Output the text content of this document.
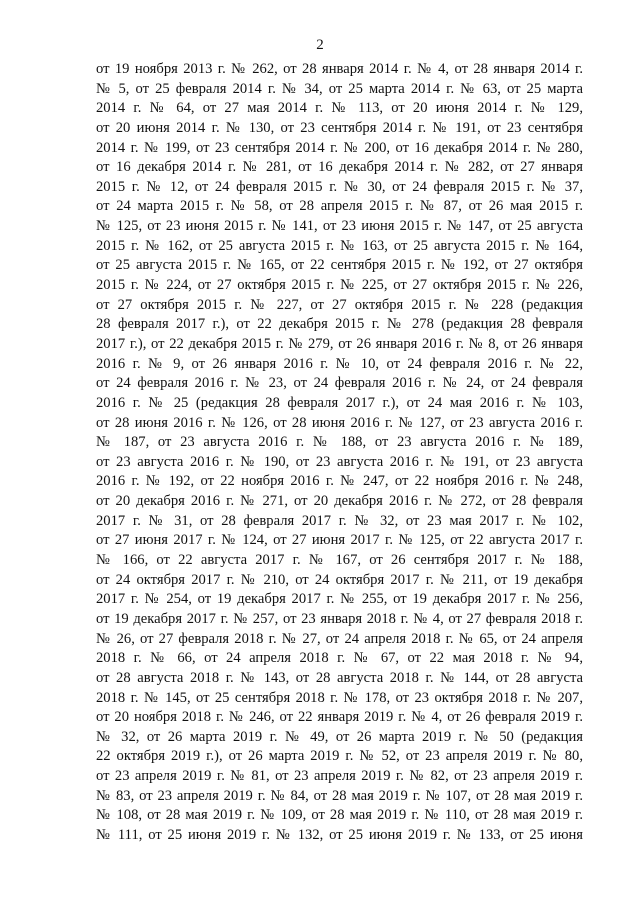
2
от 19 ноября 2013 г. № 262, от 28 января 2014 г. № 4, от 28 января 2014 г.
№ 5, от 25 февраля 2014 г. № 34, от 25 марта 2014 г. № 63, от 25 марта
2014 г. № 64, от 27 мая 2014 г. № 113, от 20 июня 2014 г. № 129,
от 20 июня 2014 г. № 130, от 23 сентября 2014 г. № 191, от 23 сентября
2014 г. № 199, от 23 сентября 2014 г. № 200, от 16 декабря 2014 г. № 280,
от 16 декабря 2014 г. № 281, от 16 декабря 2014 г. № 282, от 27 января
2015 г. № 12, от 24 февраля 2015 г. № 30, от 24 февраля 2015 г. № 37,
от 24 марта 2015 г. № 58, от 28 апреля 2015 г. № 87, от 26 мая 2015 г.
№ 125, от 23 июня 2015 г. № 141, от 23 июня 2015 г. № 147, от 25 августа
2015 г. № 162, от 25 августа 2015 г. № 163, от 25 августа 2015 г. № 164,
от 25 августа 2015 г. № 165, от 22 сентября 2015 г. № 192, от 27 октября
2015 г. № 224, от 27 октября 2015 г. № 225, от 27 октября 2015 г. № 226,
от 27 октября 2015 г. № 227, от 27 октября 2015 г. № 228 (редакция
28 февраля 2017 г.), от 22 декабря 2015 г. № 278 (редакция 28 февраля
2017 г.), от 22 декабря 2015 г. № 279, от 26 января 2016 г. № 8, от 26 января
2016 г. № 9, от 26 января 2016 г. № 10, от 24 февраля 2016 г. № 22,
от 24 февраля 2016 г. № 23, от 24 февраля 2016 г. № 24, от 24 февраля
2016 г. № 25 (редакция 28 февраля 2017 г.), от 24 мая 2016 г. № 103,
от 28 июня 2016 г. № 126, от 28 июня 2016 г. № 127, от 23 августа 2016 г.
№ 187, от 23 августа 2016 г. № 188, от 23 августа 2016 г. № 189,
от 23 августа 2016 г. № 190, от 23 августа 2016 г. № 191, от 23 августа
2016 г. № 192, от 22 ноября 2016 г. № 247, от 22 ноября 2016 г. № 248,
от 20 декабря 2016 г. № 271, от 20 декабря 2016 г. № 272, от 28 февраля
2017 г. № 31, от 28 февраля 2017 г. № 32, от 23 мая 2017 г. № 102,
от 27 июня 2017 г. № 124, от 27 июня 2017 г. № 125, от 22 августа 2017 г.
№ 166, от 22 августа 2017 г. № 167, от 26 сентября 2017 г. № 188,
от 24 октября 2017 г. № 210, от 24 октября 2017 г. № 211, от 19 декабря
2017 г. № 254, от 19 декабря 2017 г. № 255, от 19 декабря 2017 г. № 256,
от 19 декабря 2017 г. № 257, от 23 января 2018 г. № 4, от 27 февраля 2018 г.
№ 26, от 27 февраля 2018 г. № 27, от 24 апреля 2018 г. № 65, от 24 апреля
2018 г. № 66, от 24 апреля 2018 г. № 67, от 22 мая 2018 г. № 94,
от 28 августа 2018 г. № 143, от 28 августа 2018 г. № 144, от 28 августа
2018 г. № 145, от 25 сентября 2018 г. № 178, от 23 октября 2018 г. № 207,
от 20 ноября 2018 г. № 246, от 22 января 2019 г. № 4, от 26 февраля 2019 г.
№ 32, от 26 марта 2019 г. № 49, от 26 марта 2019 г. № 50 (редакция
22 октября 2019 г.), от 26 марта 2019 г. № 52, от 23 апреля 2019 г. № 80,
от 23 апреля 2019 г. № 81, от 23 апреля 2019 г. № 82, от 23 апреля 2019 г.
№ 83, от 23 апреля 2019 г. № 84, от 28 мая 2019 г. № 107, от 28 мая 2019 г.
№ 108, от 28 мая 2019 г. № 109, от 28 мая 2019 г. № 110, от 28 мая 2019 г.
№ 111, от 25 июня 2019 г. № 132, от 25 июня 2019 г. № 133, от 25 июня
